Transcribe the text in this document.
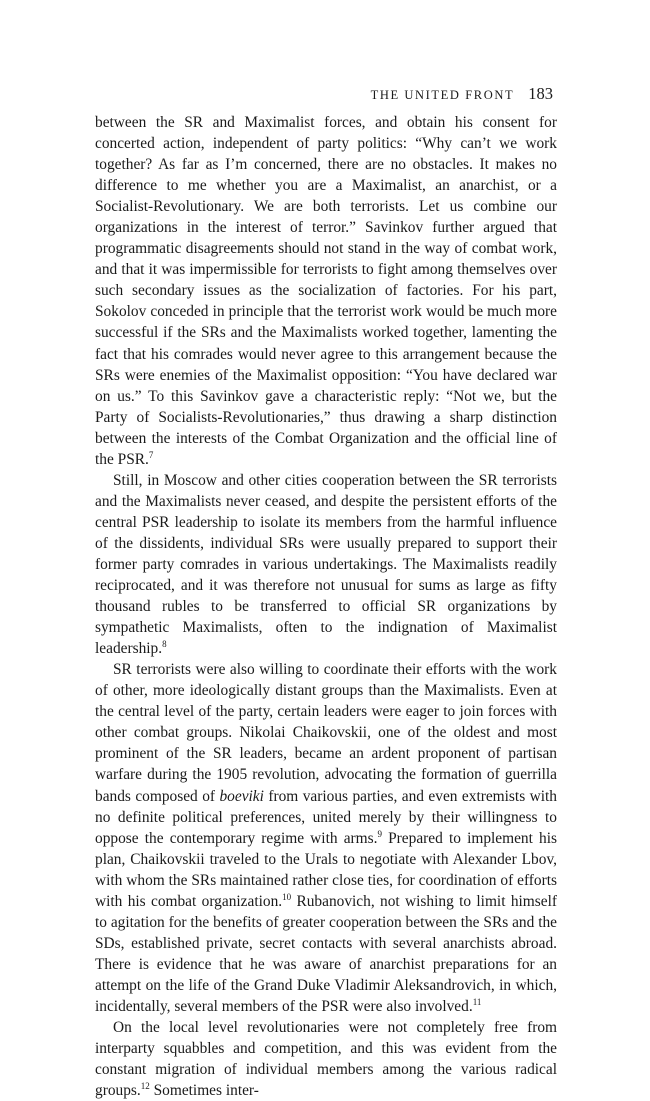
THE UNITED FRONT 183

between the SR and Maximalist forces, and obtain his consent for concerted action, independent of party politics: “Why can’t we work together? As far as I’m concerned, there are no obstacles. It makes no difference to me whether you are a Maximalist, an anarchist, or a Socialist-Revolutionary. We are both terrorists. Let us combine our organizations in the interest of terror.” Savinkov further argued that programmatic disagreements should not stand in the way of combat work, and that it was impermissible for terrorists to fight among themselves over such secondary issues as the socialization of factories. For his part, Sokolov conceded in principle that the terrorist work would be much more successful if the SRs and the Maximalists worked together, lamenting the fact that his comrades would never agree to this arrangement because the SRs were enemies of the Maximalist opposition: “You have declared war on us.” To this Savinkov gave a characteristic reply: “Not we, but the Party of Socialists-Revolutionaries,” thus drawing a sharp distinction between the interests of the Combat Organization and the official line of the PSR.$^7$

Still, in Moscow and other cities cooperation between the SR terrorists and the Maximalists never ceased, and despite the persistent efforts of the central PSR leadership to isolate its members from the harmful influence of the dissidents, individual SRs were usually prepared to support their former party comrades in various undertakings. The Maximalists readily reciprocated, and it was therefore not unusual for sums as large as fifty thousand rubles to be transferred to official SR organizations by sympathetic Maximalists, often to the indignation of Maximalist leadership.$^8$

SR terrorists were also willing to coordinate their efforts with the work of other, more ideologically distant groups than the Maximalists. Even at the central level of the party, certain leaders were eager to join forces with other combat groups. Nikolai Chaikovskii, one of the oldest and most prominent of the SR leaders, became an ardent proponent of partisan warfare during the 1905 revolution, advocating the formation of guerrilla bands composed of boeviki from various parties, and even extremists with no definite political preferences, united merely by their willingness to oppose the contemporary regime with arms.$^9$ Prepared to implement his plan, Chaikovskii traveled to the Urals to negotiate with Alexander Lbov, with whom the SRs maintained rather close ties, for coordination of efforts with his combat organization.$^{10}$ Rubanovich, not wishing to limit himself to agitation for the benefits of greater cooperation between the SRs and the SDs, established private, secret contacts with several anarchists abroad. There is evidence that he was aware of anarchist preparations for an attempt on the life of the Grand Duke Vladimir Aleksandrovich, in which, incidentally, several members of the PSR were also involved.$^{11}$

On the local level revolutionaries were not completely free from interparty squabbles and competition, and this was evident from the constant migration of individual members among the various radical groups.$^{12}$ Sometimes inter-
